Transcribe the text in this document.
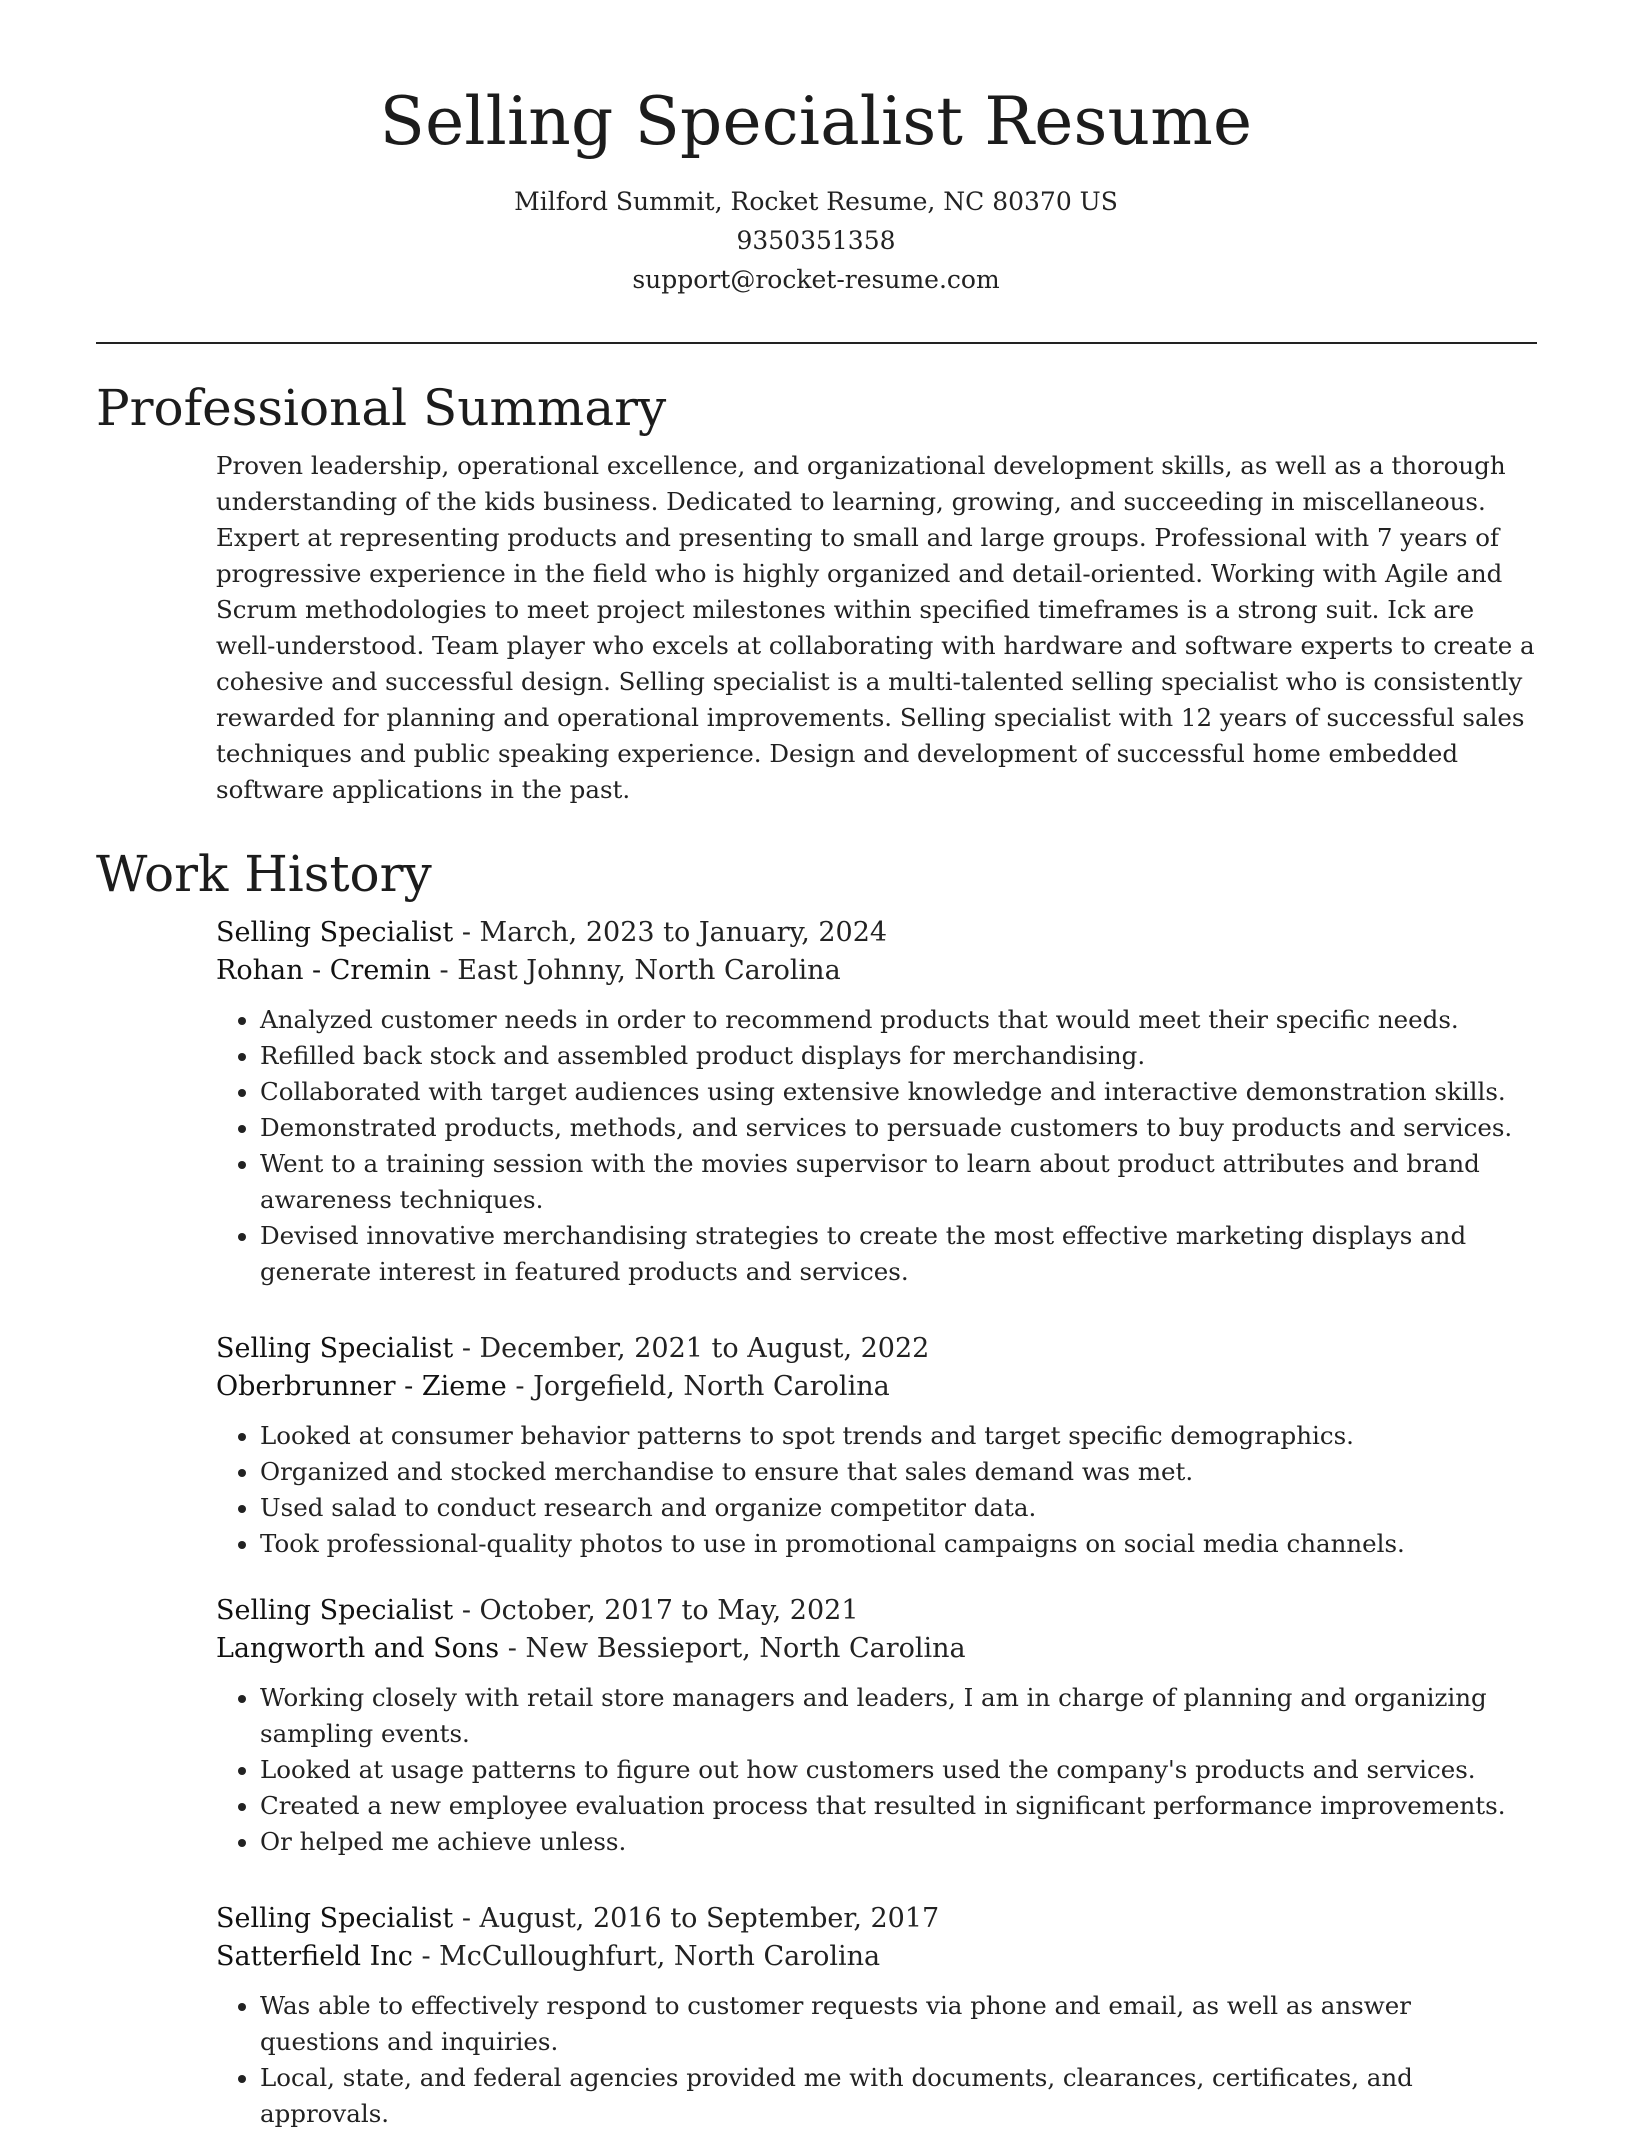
Selling Specialist Resume
Milford Summit, Rocket Resume, NC 80370 US
9350351358
support@rocket-resume.com
Professional Summary

Proven leadership, operational excellence, and organizational development skills, as well as a thorough understanding of the kids business. Dedicated to learning, growing, and succeeding in miscellaneous. Expert at representing products and presenting to small and large groups. Professional with 7 years of progressive experience in the field who is highly organized and detail-oriented. Working with Agile and Scrum methodologies to meet project milestones within specified timeframes is a strong suit. Ick are well-understood. Team player who excels at collaborating with hardware and software experts to create a cohesive and successful design. Selling specialist is a multi-talented selling specialist who is consistently rewarded for planning and operational improvements. Selling specialist with 12 years of successful sales techniques and public speaking experience. Design and development of successful home embedded software applications in the past.

Work History
Selling Specialist - March, 2023 to January, 2024
Rohan - Cremin - East Johnny, North Carolina
• Analyzed customer needs in order to recommend products that would meet their specific needs.
• Refilled back stock and assembled product displays for merchandising.
• Collaborated with target audiences using extensive knowledge and interactive demonstration skills.
• Demonstrated products, methods, and services to persuade customers to buy products and services.
• Went to a training session with the movies supervisor to learn about product attributes and brand awareness techniques.
• Devised innovative merchandising strategies to create the most effective marketing displays and generate interest in featured products and services.
Selling Specialist - December, 2021 to August, 2022
Oberbrunner - Zieme - Jorgefield, North Carolina
• Looked at consumer behavior patterns to spot trends and target specific demographics.
• Organized and stocked merchandise to ensure that sales demand was met.
• Used salad to conduct research and organize competitor data.
• Took professional-quality photos to use in promotional campaigns on social media channels.
Selling Specialist - October, 2017 to May, 2021
Langworth and Sons - New Bessieport, North Carolina
• Working closely with retail store managers and leaders, I am in charge of planning and organizing sampling events.
• Looked at usage patterns to figure out how customers used the company's products and services.
• Created a new employee evaluation process that resulted in significant performance improvements.
• Or helped me achieve unless.
Selling Specialist - August, 2016 to September, 2017
Satterfield Inc - McCulloughfurt, North Carolina
• Was able to effectively respond to customer requests via phone and email, as well as answer questions and inquiries.
• Local, state, and federal agencies provided me with documents, clearances, certificates, and approvals.
